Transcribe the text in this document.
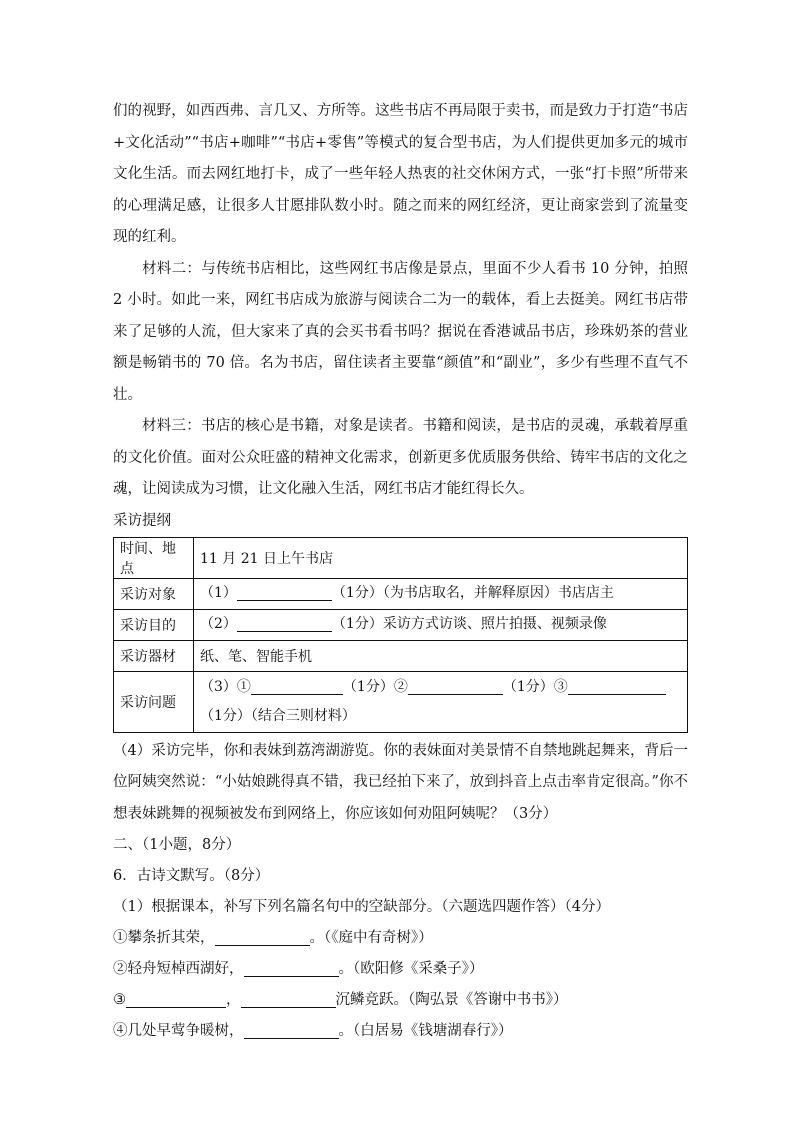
们的视野，如西西弗、言几又、方所等。这些书店不再局限于卖书，而是致力于打造“书店+文化活动”“书店+咖啡”“书店+零售”等模式的复合型书店，为人们提供更加多元的城市文化生活。而去网红地打卡，成了一些年轻人热衷的社交休闲方式，一张“打卡照”所带来的心理满足感，让很多人甘愿排队数小时。随之而来的网红经济，更让商家尝到了流量变现的红利。

材料二：与传统书店相比，这些网红书店像是景点，里面不少人看书 10 分钟，拍照 2 小时。如此一来，网红书店成为旅游与阅读合二为一的载体，看上去挺美。网红书店带来了足够的人流，但大家来了真的会买书看书吗？据说在香港诚品书店，珍珠奶茶的营业额是畅销书的 70 倍。名为书店，留住读者主要靠“颜值”和“副业”，多少有些理不直气不壮。

材料三：书店的核心是书籍，对象是读者。书籍和阅读，是书店的灵魂，承载着厚重的文化价值。面对公众旺盛的精神文化需求，创新更多优质服务供给、铸牢书店的文化之魂，让阅读成为习惯，让文化融入生活，网红书店才能红得长久。

采访提纲
时间、地点	11 月 21 日上午书店
采访对象	（1） （1分）（为书店取名，并解释原因）书店店主
采访目的	（2） （1分）采访方式访谈、照片拍摄、视频录像
采访器材	纸、笔、智能手机
采访问题	（3）① （1分）② （1分）③
（1分）（结合三则材料）

（4）采访完毕，你和表妹到荔湾湖游览。你的表妹面对美景情不自禁地跳起舞来，背后一位阿姨突然说：“小姑娘跳得真不错，我已经拍下来了，放到抖音上点击率肯定很高。”你不想表妹跳舞的视频被发布到网络上，你应该如何劝阻阿姨呢？（3分）

二、（1小题，8分）
6．古诗文默写。（8分）
（1）根据课本，补写下列名篇名句中的空缺部分。（六题选四题作答）（4分）
①攀条折其荣，	。（《庭中有奇树》）
②轻舟短棹西湖好，	。（欧阳修《采桑子》）
③	，	沉鳞竞跃。（陶弘景《答谢中书书》）
④几处早莺争暖树，	。（白居易《钱塘湖春行》）
